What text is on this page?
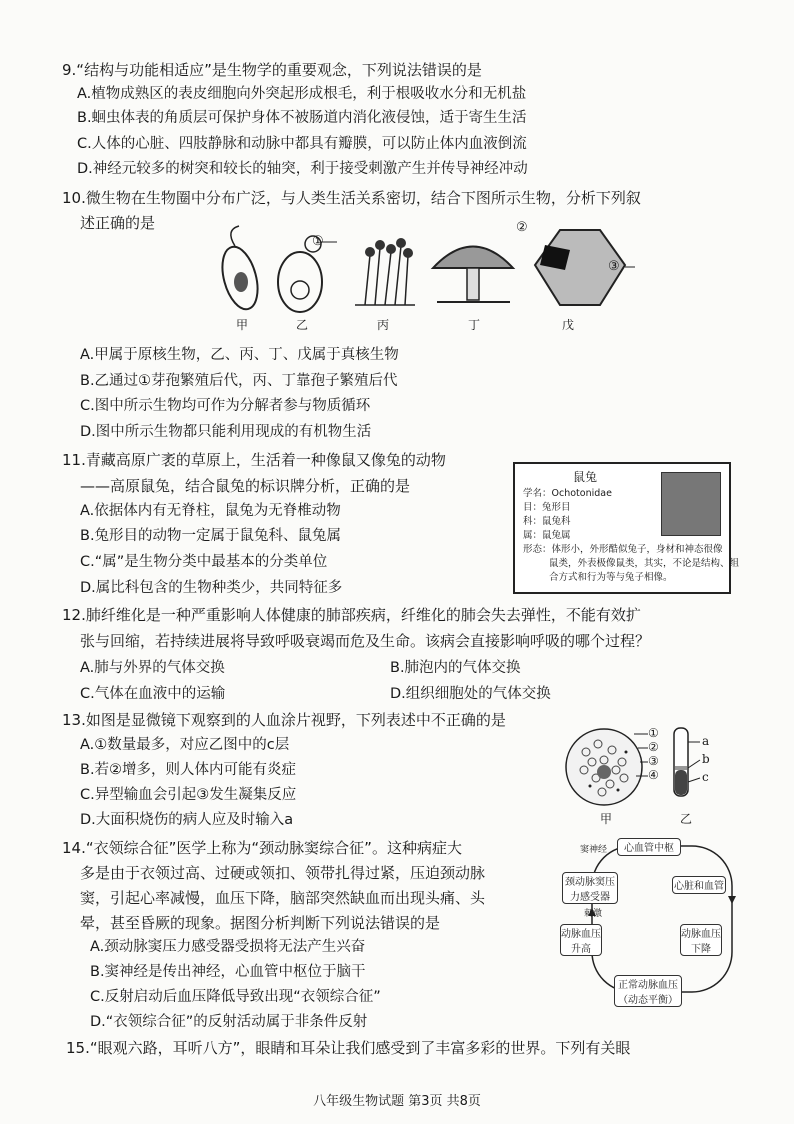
9.“结构与功能相适应”是生物学的重要观念，下列说法错误的是
A.植物成熟区的表皮细胞向外突起形成根毛，利于根吸收水分和无机盐
B.蛔虫体表的角质层可保护身体不被肠道内消化液侵蚀，适于寄生生活
C.人体的心脏、四肢静脉和动脉中都具有瓣膜，可以防止体内血液倒流
D.神经元较多的树突和较长的轴突，利于接受刺激产生并传导神经冲动
10.微生物在生物圈中分布广泛，与人类生活关系密切，结合下图所示生物，分析下列叙
述正确的是
①
②
③
甲	乙	丙	丁	戊
A.甲属于原核生物，乙、丙、丁、戊属于真核生物
B.乙通过①芽孢繁殖后代，丙、丁靠孢子繁殖后代
C.图中所示生物均可作为分解者参与物质循环
D.图中所示生物都只能利用现成的有机物生活
11.青藏高原广袤的草原上，生活着一种像鼠又像兔的动物
——高原鼠兔，结合鼠兔的标识牌分析，正确的是
A.依据体内有无脊柱，鼠兔为无脊椎动物
B.兔形目的动物一定属于鼠兔科、鼠兔属
C.“属”是生物分类中最基本的分类单位
D.属比科包含的生物种类少，共同特征多
鼠兔
学名：Ochotonidae
目：兔形目
科：鼠兔科
属：鼠兔属
形态：体形小，外形酷似兔子，身材和神态很像
鼠类，外表极像鼠类，其实，不论是结构、组
合方式和行为等与兔子相像。
12.肺纤维化是一种严重影响人体健康的肺部疾病，纤维化的肺会失去弹性，不能有效扩
张与回缩，若持续进展将导致呼吸衰竭而危及生命。该病会直接影响呼吸的哪个过程？
A.肺与外界的气体交换	B.肺泡内的气体交换
C.气体在血液中的运输	D.组织细胞处的气体交换
13.如图是显微镜下观察到的人血涂片视野，下列表述中不正确的是
A.①数量最多，对应乙图中的c层
B.若②增多，则人体内可能有炎症
C.异型输血会引起③发生凝集反应
D.大面积烧伤的病人应及时输入a
①
②
③
④
a
b
c
甲	乙
14.“衣领综合征”医学上称为“颈动脉窦综合征”。这种病症大
多是由于衣领过高、过硬或领扣、领带扎得过紧，压迫颈动脉
窦，引起心率减慢，血压下降，脑部突然缺血而出现头痛、头
晕，甚至昏厥的现象。据图分析判断下列说法错误的是
A.颈动脉窦压力感受器受损将无法产生兴奋
B.窦神经是传出神经，心血管中枢位于脑干
C.反射启动后血压降低导致出现“衣领综合征”
D.“衣领综合征”的反射活动属于非条件反射
心血管中枢
心脏和血管
动脉血压下降
正常动脉血压（动态平衡）
动脉血压升高
颈动脉窦压力感受器
窦神经
刺激
15.“眼观六路，耳听八方”，眼睛和耳朵让我们感受到了丰富多彩的世界。下列有关眼
八年级生物试题 第3页 共8页
